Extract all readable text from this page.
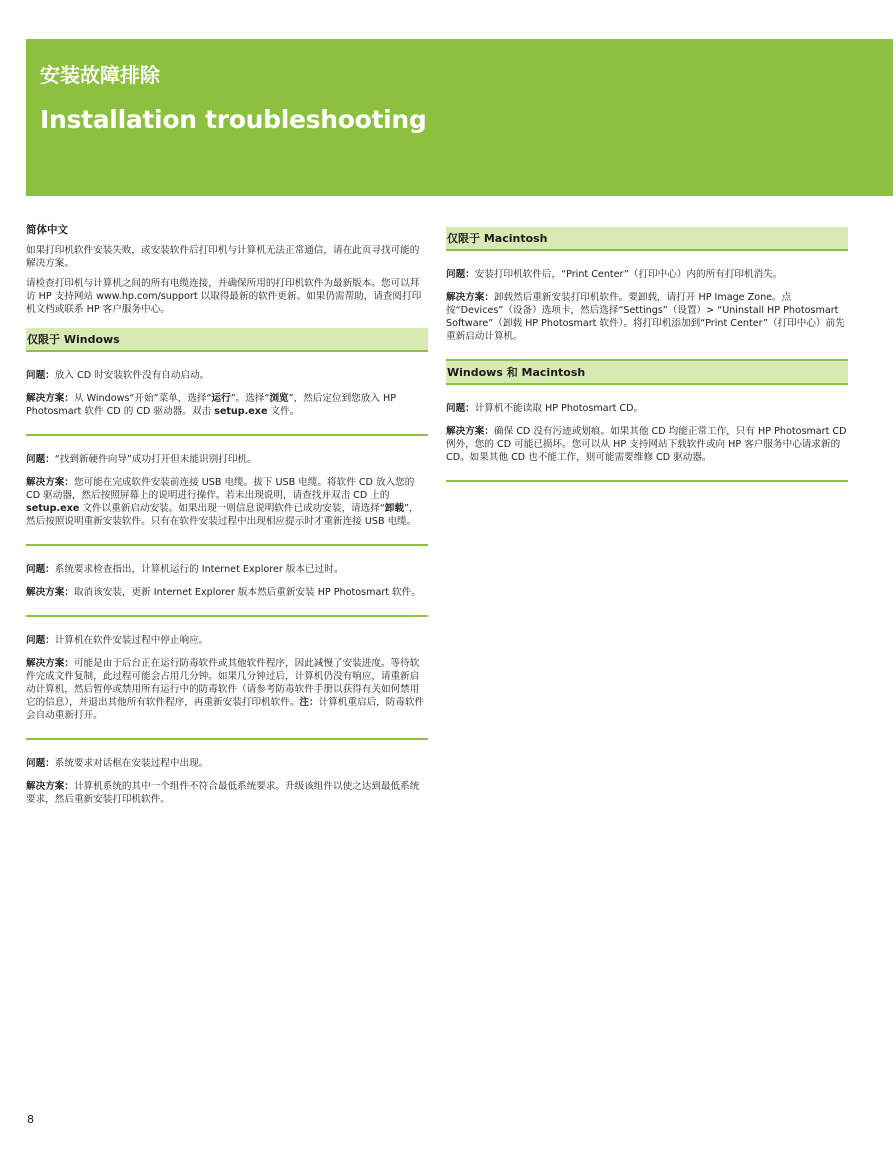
安装故障排除
Installation troubleshooting

简体中文

如果打印机软件安装失败，或安装软件后打印机与计算机无法正常通信，请在此页寻找可能的解决方案。

请检查打印机与计算机之间的所有电缆连接，并确保所用的打印机软件为最新版本。您可以拜访 HP 支持网站 www.hp.com/support 以取得最新的软件更新。如果仍需帮助，请查阅打印机文档或联系 HP 客户服务中心。

仅限于 Windows

问题：放入 CD 时安装软件没有自动启动。

解决方案：从 Windows“开始”菜单，选择“运行”。选择“浏览”，然后定位到您放入 HP Photosmart 软件 CD 的 CD 驱动器。双击 setup.exe 文件。

问题：“找到新硬件向导”成功打开但未能识别打印机。

解决方案：您可能在完成软件安装前连接 USB 电缆。拔下 USB 电缆。将软件 CD 放入您的 CD 驱动器，然后按照屏幕上的说明进行操作。若未出现说明，请查找并双击 CD 上的 setup.exe 文件以重新启动安装。如果出现一则信息说明软件已成功安装，请选择“卸载”，然后按照说明重新安装软件。只有在软件安装过程中出现相应提示时才重新连接 USB 电缆。

问题：系统要求检查指出，计算机运行的 Internet Explorer 版本已过时。

解决方案：取消该安装，更新 Internet Explorer 版本然后重新安装 HP Photosmart 软件。

问题：计算机在软件安装过程中停止响应。

解决方案：可能是由于后台正在运行防毒软件或其他软件程序，因此减慢了安装进度。等待软件完成文件复制，此过程可能会占用几分钟。如果几分钟过后，计算机仍没有响应，请重新启动计算机，然后暂停或禁用所有运行中的防毒软件（请参考防毒软件手册以获得有关如何禁用它的信息），并退出其他所有软件程序，再重新安装打印机软件。注：计算机重启后，防毒软件会自动重新打开。

问题：系统要求对话框在安装过程中出现。

解决方案：计算机系统的其中一个组件不符合最低系统要求。升级该组件以使之达到最低系统要求，然后重新安装打印机软件。

仅限于 Macintosh

问题：安装打印机软件后，“Print Center”（打印中心）内的所有打印机消失。

解决方案：卸载然后重新安装打印机软件。要卸载，请打开 HP Image Zone。点按“Devices”（设备）选项卡，然后选择“Settings”（设置）> “Uninstall HP Photosmart Software”（卸载 HP Photosmart 软件）。将打印机添加到“Print Center”（打印中心）前先重新启动计算机。

Windows 和 Macintosh

问题：计算机不能读取 HP Photosmart CD。

解决方案：确保 CD 没有污迹或划痕。如果其他 CD 均能正常工作，只有 HP Photosmart CD 例外，您的 CD 可能已损坏。您可以从 HP 支持网站下载软件或向 HP 客户服务中心请求新的 CD。如果其他 CD 也不能工作，则可能需要维修 CD 驱动器。

8
